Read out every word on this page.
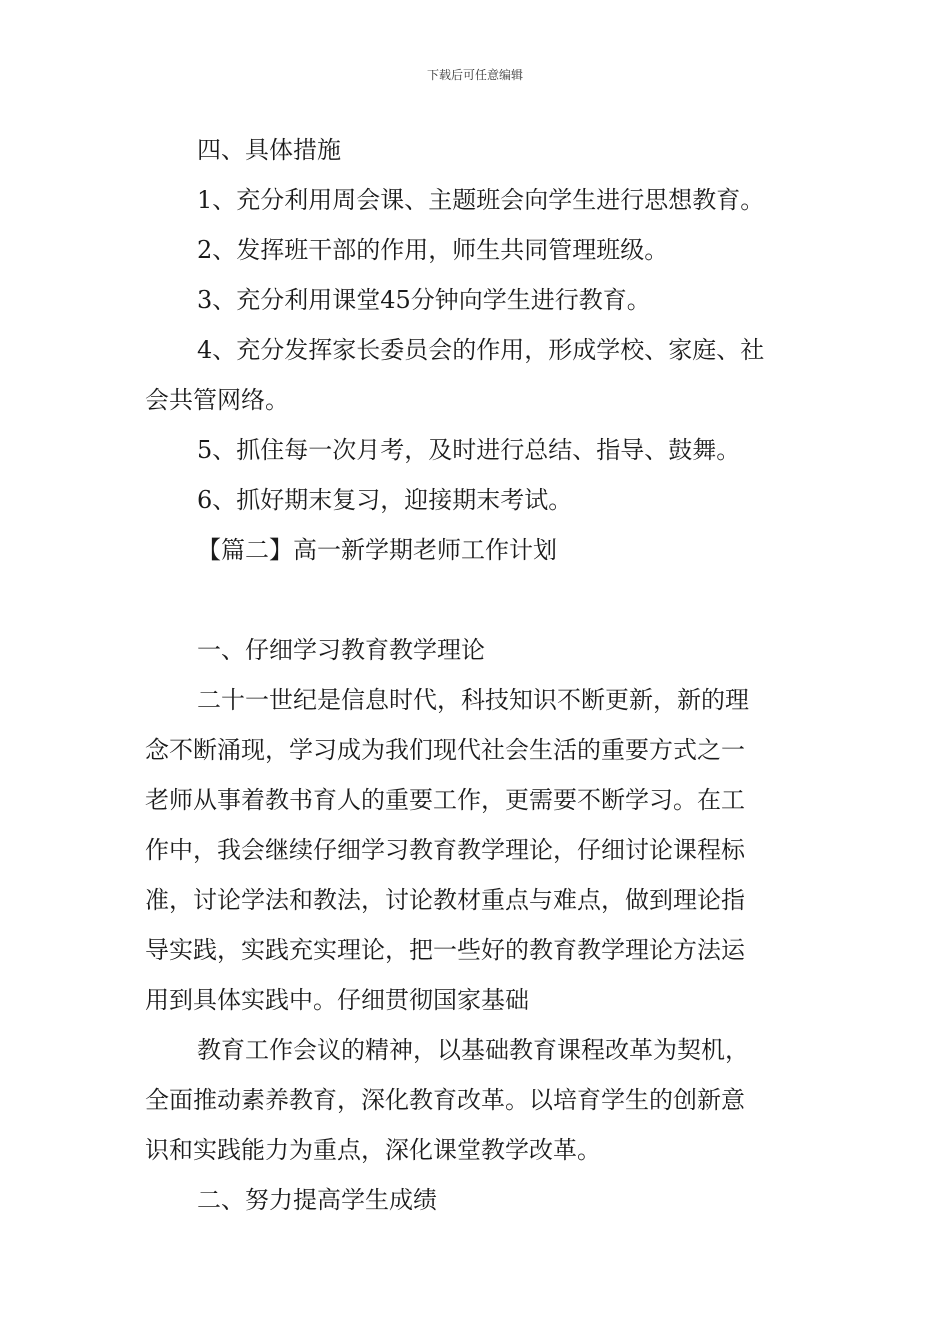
下载后可任意编辑
四、具体措施
1、充分利用周会课、主题班会向学生进行思想教育。
2、发挥班干部的作用，师生共同管理班级。
3、充分利用课堂45分钟向学生进行教育。
4、充分发挥家长委员会的作用，形成学校、家庭、社
会共管网络。
5、抓住每一次月考，及时进行总结、指导、鼓舞。
6、抓好期末复习，迎接期末考试。
【篇二】高一新学期老师工作计划
一、仔细学习教育教学理论
二十一世纪是信息时代，科技知识不断更新，新的理
念不断涌现，学习成为我们现代社会生活的重要方式之一
老师从事着教书育人的重要工作，更需要不断学习。在工
作中，我会继续仔细学习教育教学理论，仔细讨论课程标
准，讨论学法和教法，讨论教材重点与难点，做到理论指
导实践，实践充实理论，把一些好的教育教学理论方法运
用到具体实践中。仔细贯彻国家基础
教育工作会议的精神，以基础教育课程改革为契机，
全面推动素养教育，深化教育改革。以培育学生的创新意
识和实践能力为重点，深化课堂教学改革。
二、努力提高学生成绩
